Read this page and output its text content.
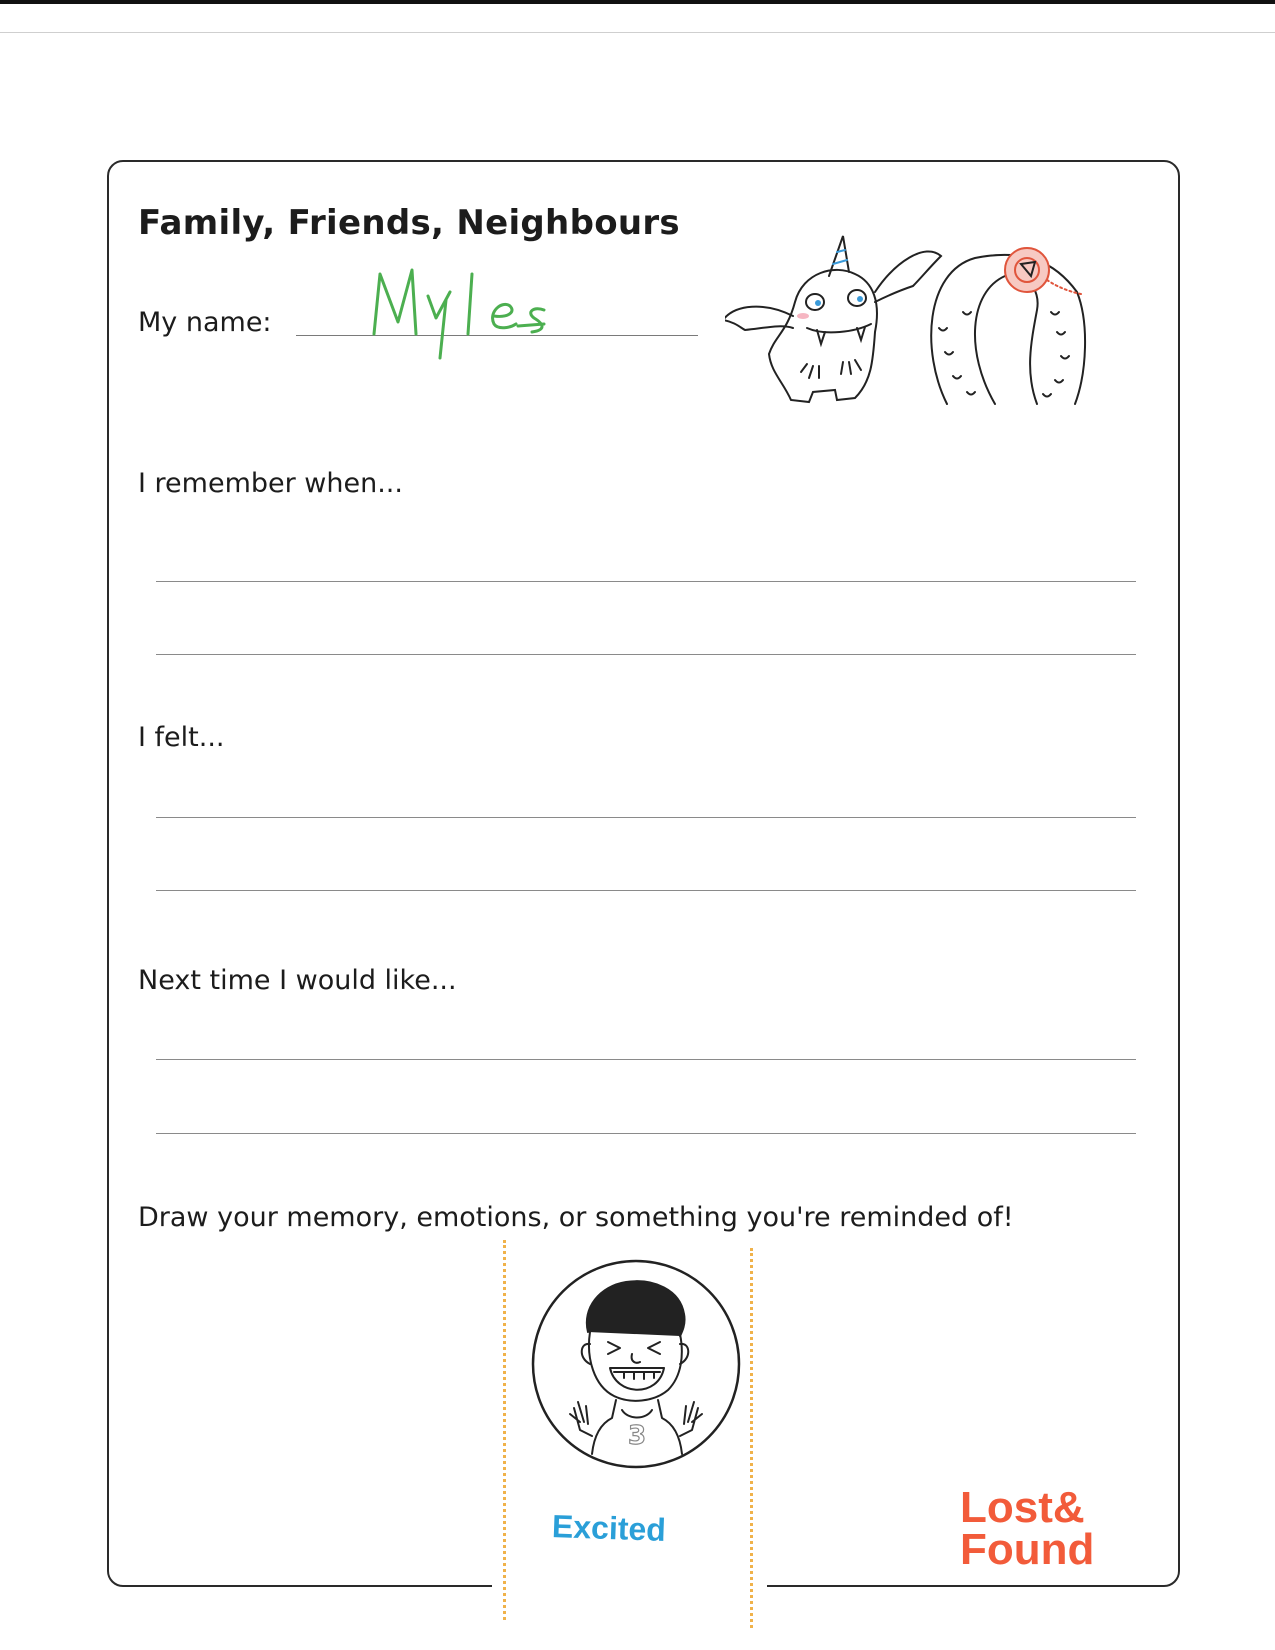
Family, Friends, Neighbours

My name:

I remember when...

I felt...

Next time I would like...

Draw your memory, emotions, or something you're reminded of!

3

Excited	Lost&
Found
